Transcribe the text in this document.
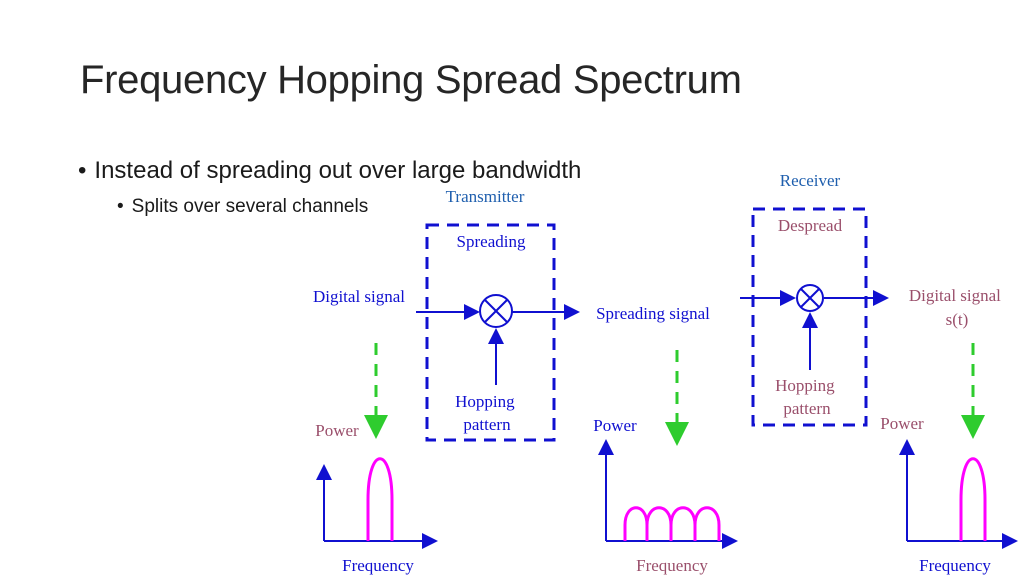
Frequency Hopping Spread Spectrum
• Instead of spreading out over large bandwidth
• Splits over several channels	Transmitter
Spreading
Digital signal
Hopping pattern
Spreading signal
Receiver
Despread
Hopping pattern
Digital signal s(t)
Power
Frequency
Power
Frequency
Power
Frequency
